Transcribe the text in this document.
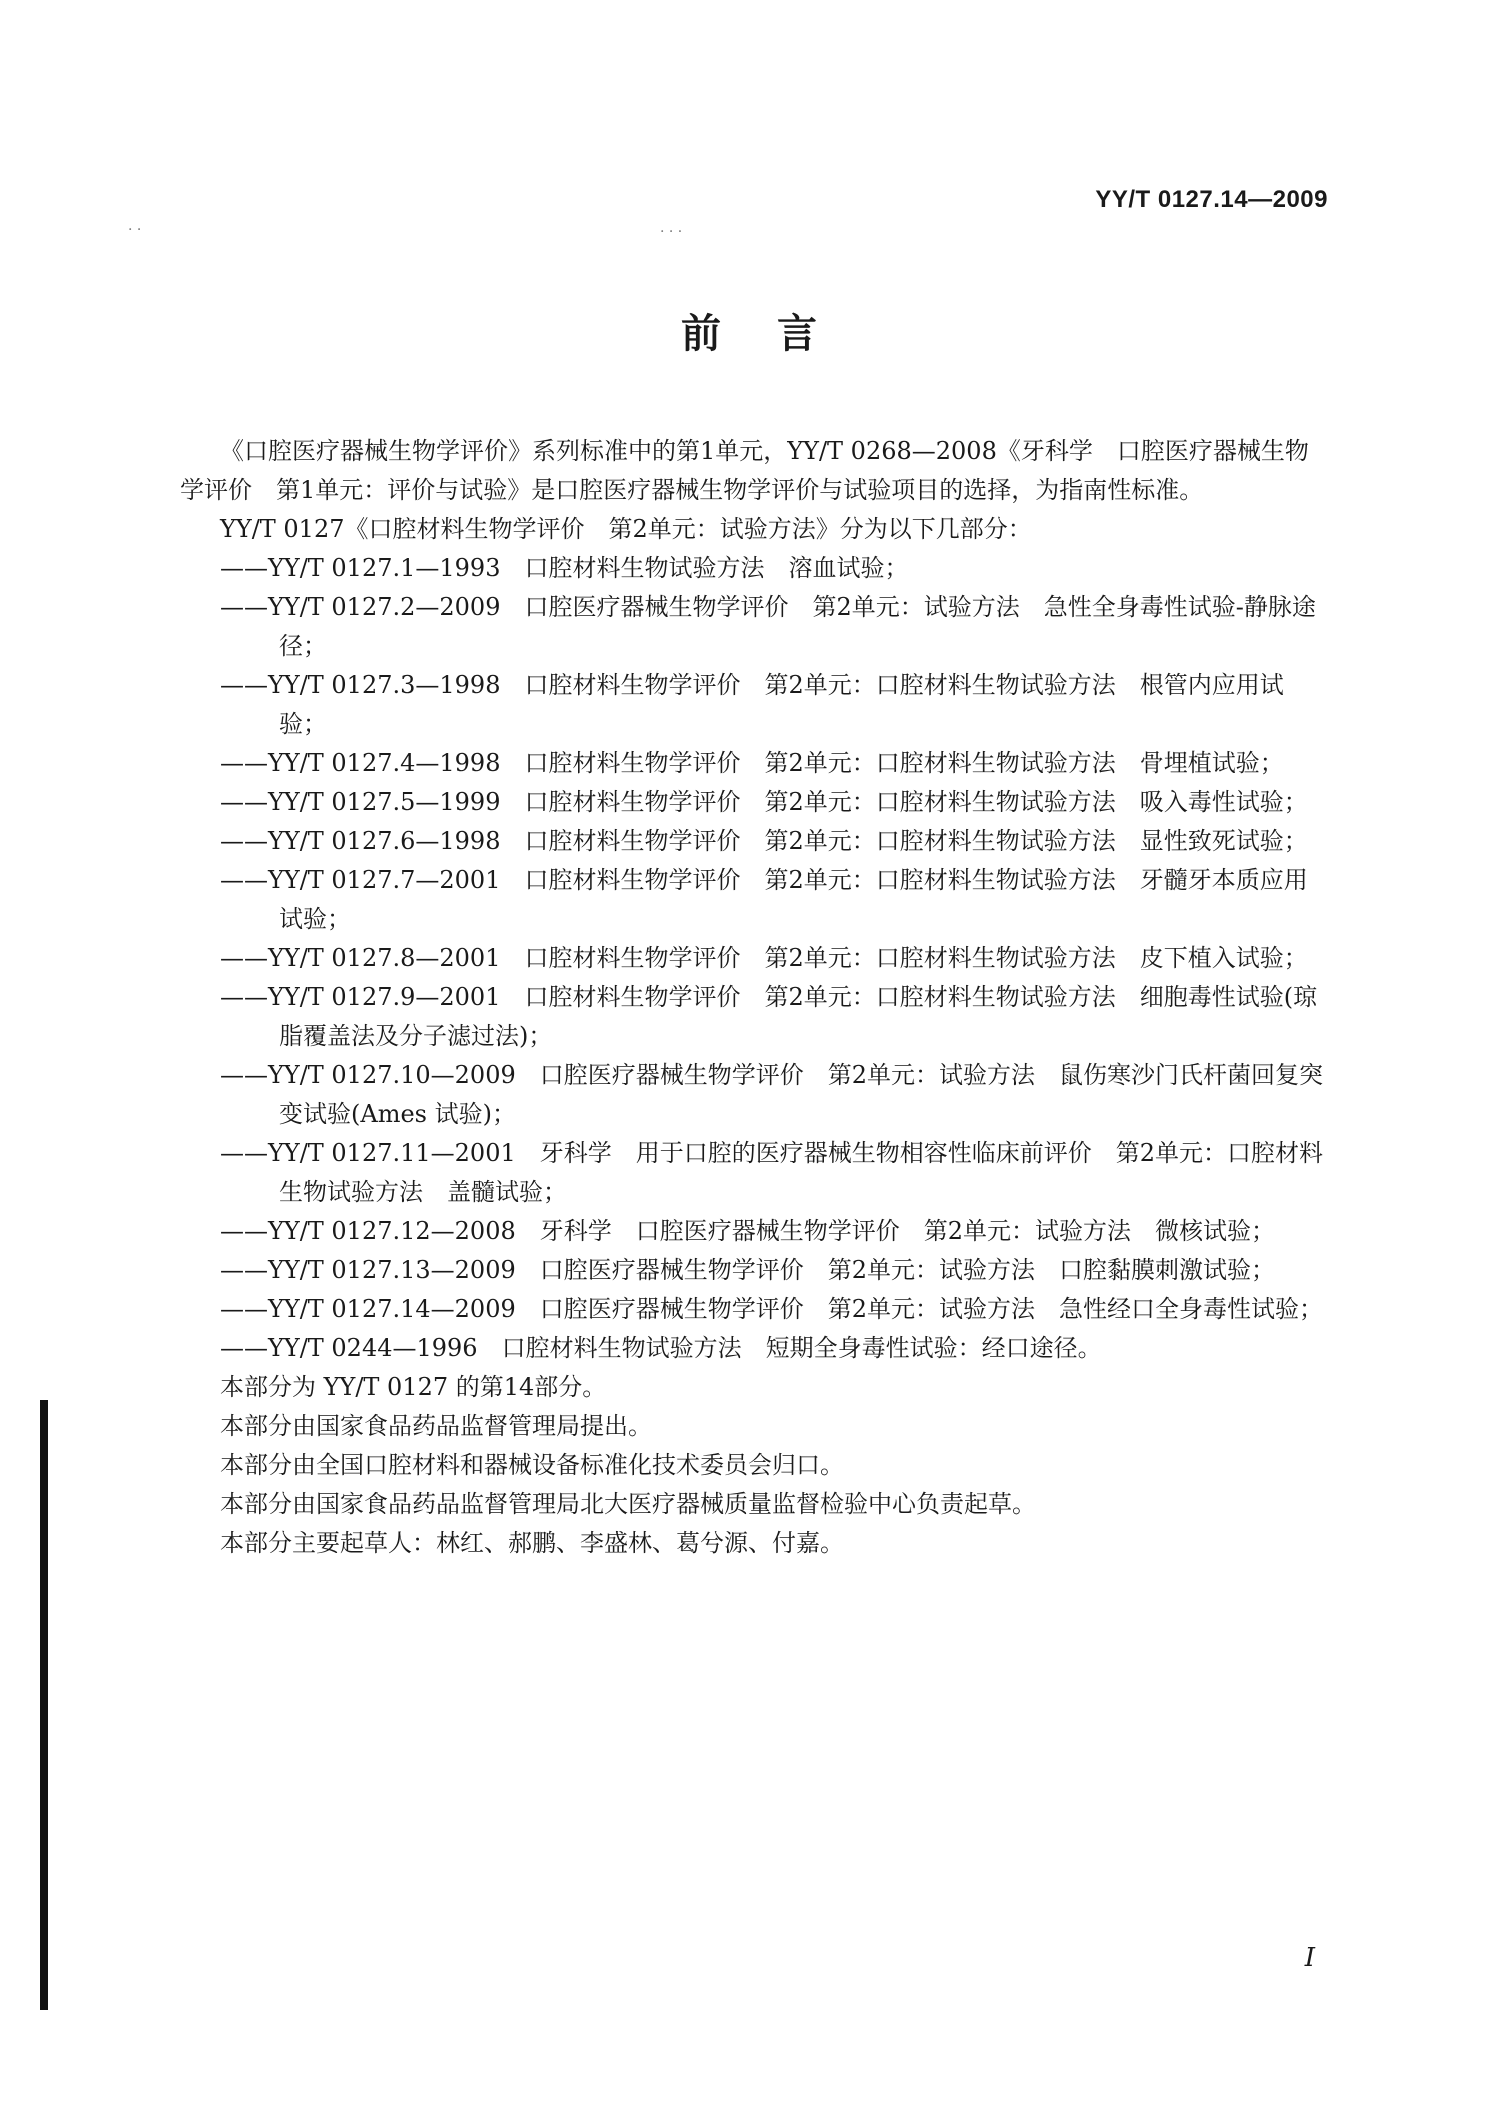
YY/T 0127.14—2009
· ·	· · ·
前言

《口腔医疗器械生物学评价》系列标准中的第1单元，YY/T 0268—2008《牙科学　口腔医疗器械生物学评价　第1单元：评价与试验》是口腔医疗器械生物学评价与试验项目的选择，为指南性标准。

YY/T 0127《口腔材料生物学评价　第2单元：试验方法》分为以下几部分：

——YY/T 0127.1—1993　口腔材料生物试验方法　溶血试验；

——YY/T 0127.2—2009　口腔医疗器械生物学评价　第2单元：试验方法　急性全身毒性试验-静脉途径；

——YY/T 0127.3—1998　口腔材料生物学评价　第2单元：口腔材料生物试验方法　根管内应用试验；

——YY/T 0127.4—1998　口腔材料生物学评价　第2单元：口腔材料生物试验方法　骨埋植试验；

——YY/T 0127.5—1999　口腔材料生物学评价　第2单元：口腔材料生物试验方法　吸入毒性试验；

——YY/T 0127.6—1998　口腔材料生物学评价　第2单元：口腔材料生物试验方法　显性致死试验；

——YY/T 0127.7—2001　口腔材料生物学评价　第2单元：口腔材料生物试验方法　牙髓牙本质应用试验；

——YY/T 0127.8—2001　口腔材料生物学评价　第2单元：口腔材料生物试验方法　皮下植入试验；

——YY/T 0127.9—2001　口腔材料生物学评价　第2单元：口腔材料生物试验方法　细胞毒性试验(琼脂覆盖法及分子滤过法)；

——YY/T 0127.10—2009　口腔医疗器械生物学评价　第2单元：试验方法　鼠伤寒沙门氏杆菌回复突变试验(Ames 试验)；

——YY/T 0127.11—2001　牙科学　用于口腔的医疗器械生物相容性临床前评价　第2单元：口腔材料生物试验方法　盖髓试验；

——YY/T 0127.12—2008　牙科学　口腔医疗器械生物学评价　第2单元：试验方法　微核试验；

——YY/T 0127.13—2009　口腔医疗器械生物学评价　第2单元：试验方法　口腔黏膜刺激试验；

——YY/T 0127.14—2009　口腔医疗器械生物学评价　第2单元：试验方法　急性经口全身毒性试验；

——YY/T 0244—1996　口腔材料生物试验方法　短期全身毒性试验：经口途径。

本部分为 YY/T 0127 的第14部分。

本部分由国家食品药品监督管理局提出。

本部分由全国口腔材料和器械设备标准化技术委员会归口。

本部分由国家食品药品监督管理局北大医疗器械质量监督检验中心负责起草。

本部分主要起草人：林红、郝鹏、李盛林、葛兮源、付嘉。

I
